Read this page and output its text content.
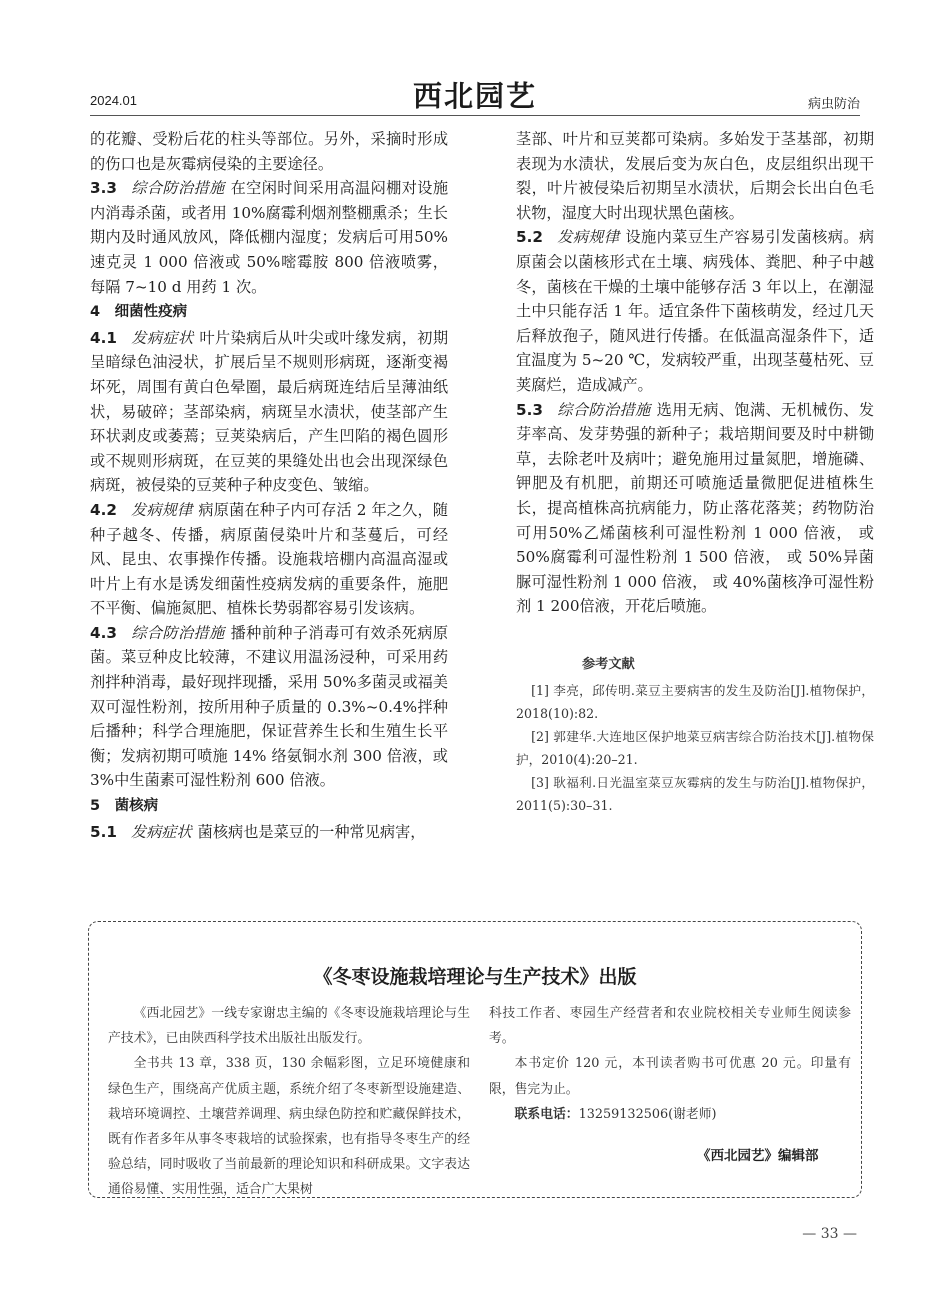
2024.01	西北园艺	病虫防治

的花瓣、受粉后花的柱头等部位。另外，采摘时形成的伤口也是灰霉病侵染的主要途径。

3.3 综合防治措施 在空闲时间采用高温闷棚对设施内消毒杀菌，或者用 10%腐霉利烟剂整棚熏杀；生长期内及时通风放风，降低棚内湿度；发病后可用50%速克灵 1 000 倍液或 50%嘧霉胺 800 倍液喷雾，每隔 7~10 d 用药 1 次。

4　细菌性疫病

4.1 发病症状 叶片染病后从叶尖或叶缘发病，初期呈暗绿色油浸状，扩展后呈不规则形病斑，逐渐变褐坏死，周围有黄白色晕圈，最后病斑连结后呈薄油纸状，易破碎；茎部染病，病斑呈水渍状，使茎部产生环状剥皮或萎蔫；豆荚染病后，产生凹陷的褐色圆形或不规则形病斑，在豆荚的果缝处出也会出现深绿色病斑，被侵染的豆荚种子种皮变色、皱缩。

4.2 发病规律 病原菌在种子内可存活 2 年之久，随种子越冬、传播，病原菌侵染叶片和茎蔓后，可经风、昆虫、农事操作传播。设施栽培棚内高温高湿或叶片上有水是诱发细菌性疫病发病的重要条件，施肥不平衡、偏施氮肥、植株长势弱都容易引发该病。

4.3 综合防治措施 播种前种子消毒可有效杀死病原菌。菜豆种皮比较薄，不建议用温汤浸种，可采用药剂拌种消毒，最好现拌现播，采用 50%多菌灵或福美双可湿性粉剂，按所用种子质量的 0.3%~0.4%拌种后播种；科学合理施肥，保证营养生长和生殖生长平衡；发病初期可喷施 14% 络氨铜水剂 300 倍液，或 3%中生菌素可湿性粉剂 600 倍液。

5　菌核病

5.1 发病症状 菌核病也是菜豆的一种常见病害，

茎部、叶片和豆荚都可染病。多始发于茎基部，初期表现为水渍状，发展后变为灰白色，皮层组织出现干裂，叶片被侵染后初期呈水渍状，后期会长出白色毛状物，湿度大时出现状黑色菌核。

5.2 发病规律 设施内菜豆生产容易引发菌核病。病原菌会以菌核形式在土壤、病残体、粪肥、种子中越冬，菌核在干燥的土壤中能够存活 3 年以上，在潮湿土中只能存活 1 年。适宜条件下菌核萌发，经过几天后释放孢子，随风进行传播。在低温高湿条件下，适宜温度为 5~20 ℃，发病较严重，出现茎蔓枯死、豆荚腐烂，造成减产。

5.3 综合防治措施 选用无病、饱满、无机械伤、发芽率高、发芽势强的新种子；栽培期间要及时中耕锄草，去除老叶及病叶；避免施用过量氮肥，增施磷、钾肥及有机肥，前期还可喷施适量微肥促进植株生长，提高植株高抗病能力，防止落花落荚；药物防治可用50%乙烯菌核利可湿性粉剂 1 000 倍液， 或 50%腐霉利可湿性粉剂 1 500 倍液， 或 50%异菌脲可湿性粉剂 1 000 倍液， 或 40%菌核净可湿性粉剂 1 200倍液，开花后喷施。

参考文献
[1] 李亮，邱传明.菜豆主要病害的发生及防治[J].植物保护，2018(10):82.
[2] 郭建华.大连地区保护地菜豆病害综合防治技术[J].植物保护，2010(4):20–21.
[3] 耿福利.日光温室菜豆灰霉病的发生与防治[J].植物保护，2011(5):30–31.
《冬枣设施栽培理论与生产技术》出版

《西北园艺》一线专家谢忠主编的《冬枣设施栽培理论与生产技术》，已由陕西科学技术出版社出版发行。

全书共 13 章，338 页，130 余幅彩图，立足环境健康和绿色生产，围绕高产优质主题，系统介绍了冬枣新型设施建造、栽培环境调控、土壤营养调理、病虫绿色防控和贮藏保鲜技术，既有作者多年从事冬枣栽培的试验探索，也有指导冬枣生产的经验总结，同时吸收了当前最新的理论知识和科研成果。文字表达通俗易懂、实用性强，适合广大果树

科技工作者、枣园生产经营者和农业院校相关专业师生阅读参考。

本书定价 120 元，本刊读者购书可优惠 20 元。印量有限，售完为止。

联系电话：13259132506(谢老师)

《西北园艺》编辑部
— 33 —
